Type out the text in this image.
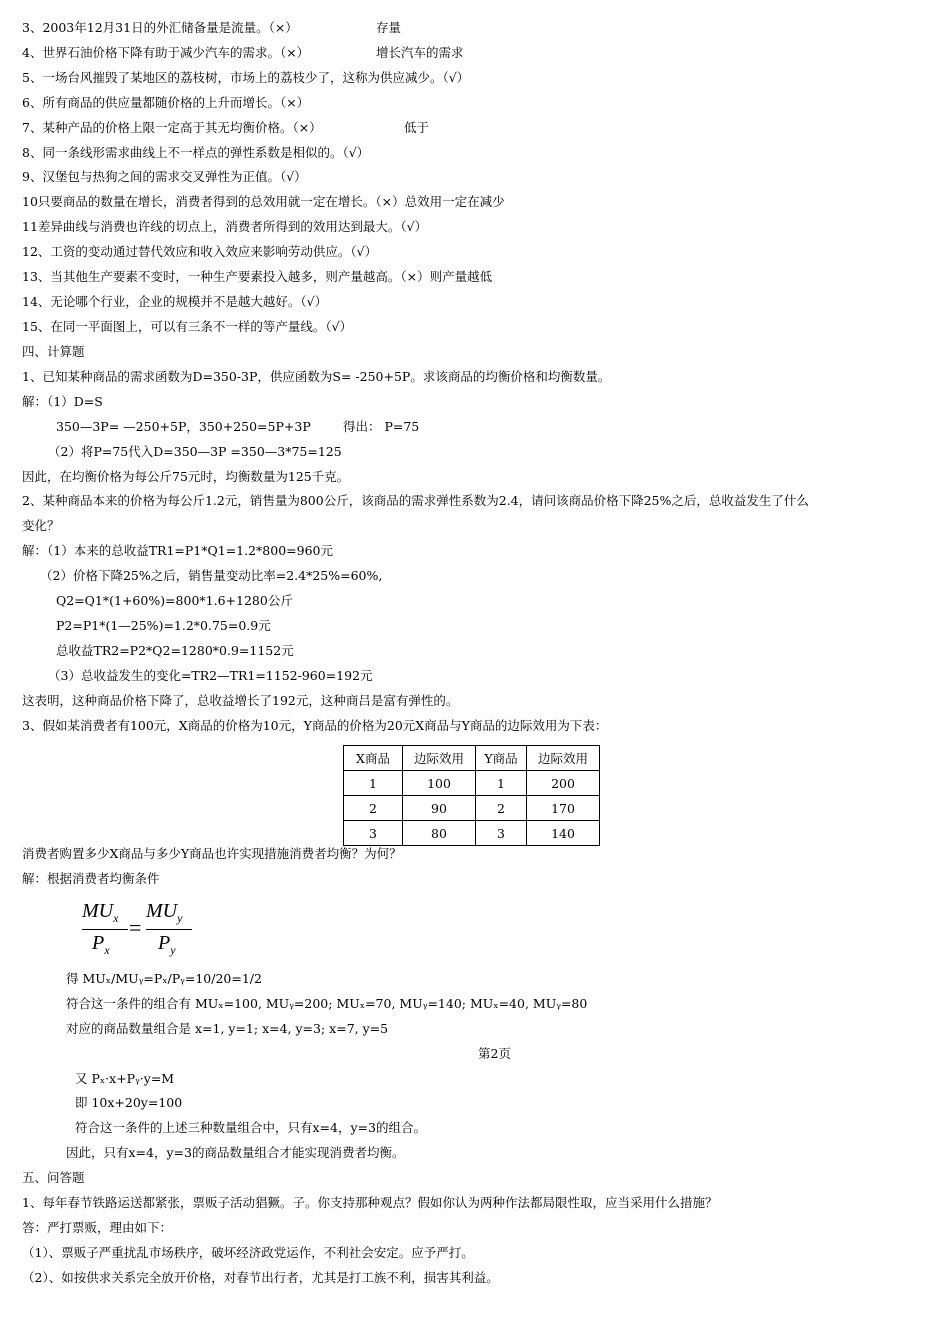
3、2003年12月31日的外汇储备量是流量。（×）	存量
4、世界石油价格下降有助于减少汽车的需求。（×）	增长汽车的需求
5、一场台风摧毁了某地区的荔枝树，市场上的荔枝少了，这称为供应减少。（√）
6、所有商品的供应量都随价格的上升而增长。（×）
7、某种产品的价格上限一定高于其无均衡价格。（×）	低于
8、同一条线形需求曲线上不一样点的弹性系数是相似的。（√）
9、汉堡包与热狗之间的需求交叉弹性为正值。（√）
10只要商品的数量在增长，消费者得到的总效用就一定在增长。（×）总效用一定在减少
11差异曲线与消费也许线的切点上，消费者所得到的效用达到最大。（√）
12、工资的变动通过替代效应和收入效应来影响劳动供应。（√）
13、当其他生产要素不变时，一种生产要素投入越多，则产量越高。（×）则产量越低
14、无论哪个行业，企业的规模并不是越大越好。（√）
15、在同一平面图上，可以有三条不一样的等产量线。（√）
四、计算题
1、已知某种商品的需求函数为D=350-3P，供应函数为S= -250+5P。求该商品的均衡价格和均衡数量。
解：（1）D=S
350—3P= —250+5P，350+250=5P+3P	得出： P=75
（2）将P=75代入D=350—3P =350—3*75=125
因此，在均衡价格为每公斤75元时，均衡数量为125千克。
2、某种商品本来的价格为每公斤1.2元，销售量为800公斤，该商品的需求弹性系数为2.4，请问该商品价格下降25%之后，总收益发生了什么
变化？
解：（1）本来的总收益TR1=P1*Q1=1.2*800=960元
（2）价格下降25%之后，销售量变动比率=2.4*25%=60%,
Q2=Q1*(1+60%)=800*1.6+1280公斤
P2=P1*(1—25%)=1.2*0.75=0.9元
总收益TR2=P2*Q2=1280*0.9=1152元
（3）总收益发生的变化=TR2—TR1=1152-960=192元
这表明，这种商品价格下降了，总收益增长了192元，这种商吕是富有弹性的。
3、假如某消费者有100元，X商品的价格为10元，Y商品的价格为20元X商品与Y商品的边际效用为下表：
消费者购置多少X商品与多少Y商品也许实现措施消费者均衡？为何？
解：根据消费者均衡条件
得 MUₓ/MUᵧ=Pₓ/Pᵧ=10/20=1/2
符合这一条件的组合有 MUₓ=100, MUᵧ=200; MUₓ=70, MUᵧ=140; MUₓ=40, MUᵧ=80
对应的商品数量组合是 x=1, y=1; x=4, y=3; x=7, y=5
第2页
又 Pₓ·x+Pᵧ·y=M
即 10x+20y=100
符合这一条件的上述三种数量组合中，只有x=4，y=3的组合。
因此，只有x=4，y=3的商品数量组合才能实现消费者均衡。
五、问答题
1、每年春节铁路运送都紧张，票贩子活动猖獗。子。你支持那种观点？假如你认为两种作法都局限性取，应当采用什么措施？
答：严打票贩，理由如下：
（1）、票贩子严重扰乱市场秩序，破坏经济政党运作，不利社会安定。应予严打。
（2）、如按供求关系完全放开价格，对春节出行者，尤其是打工族不利，损害其利益。
X商品	边际效用	Y商品	边际效用
1	100	1	200
2	90	2	170
3	80	3	140
$MU_x$
$P_x$
=
$MU_y$
$P_y$
